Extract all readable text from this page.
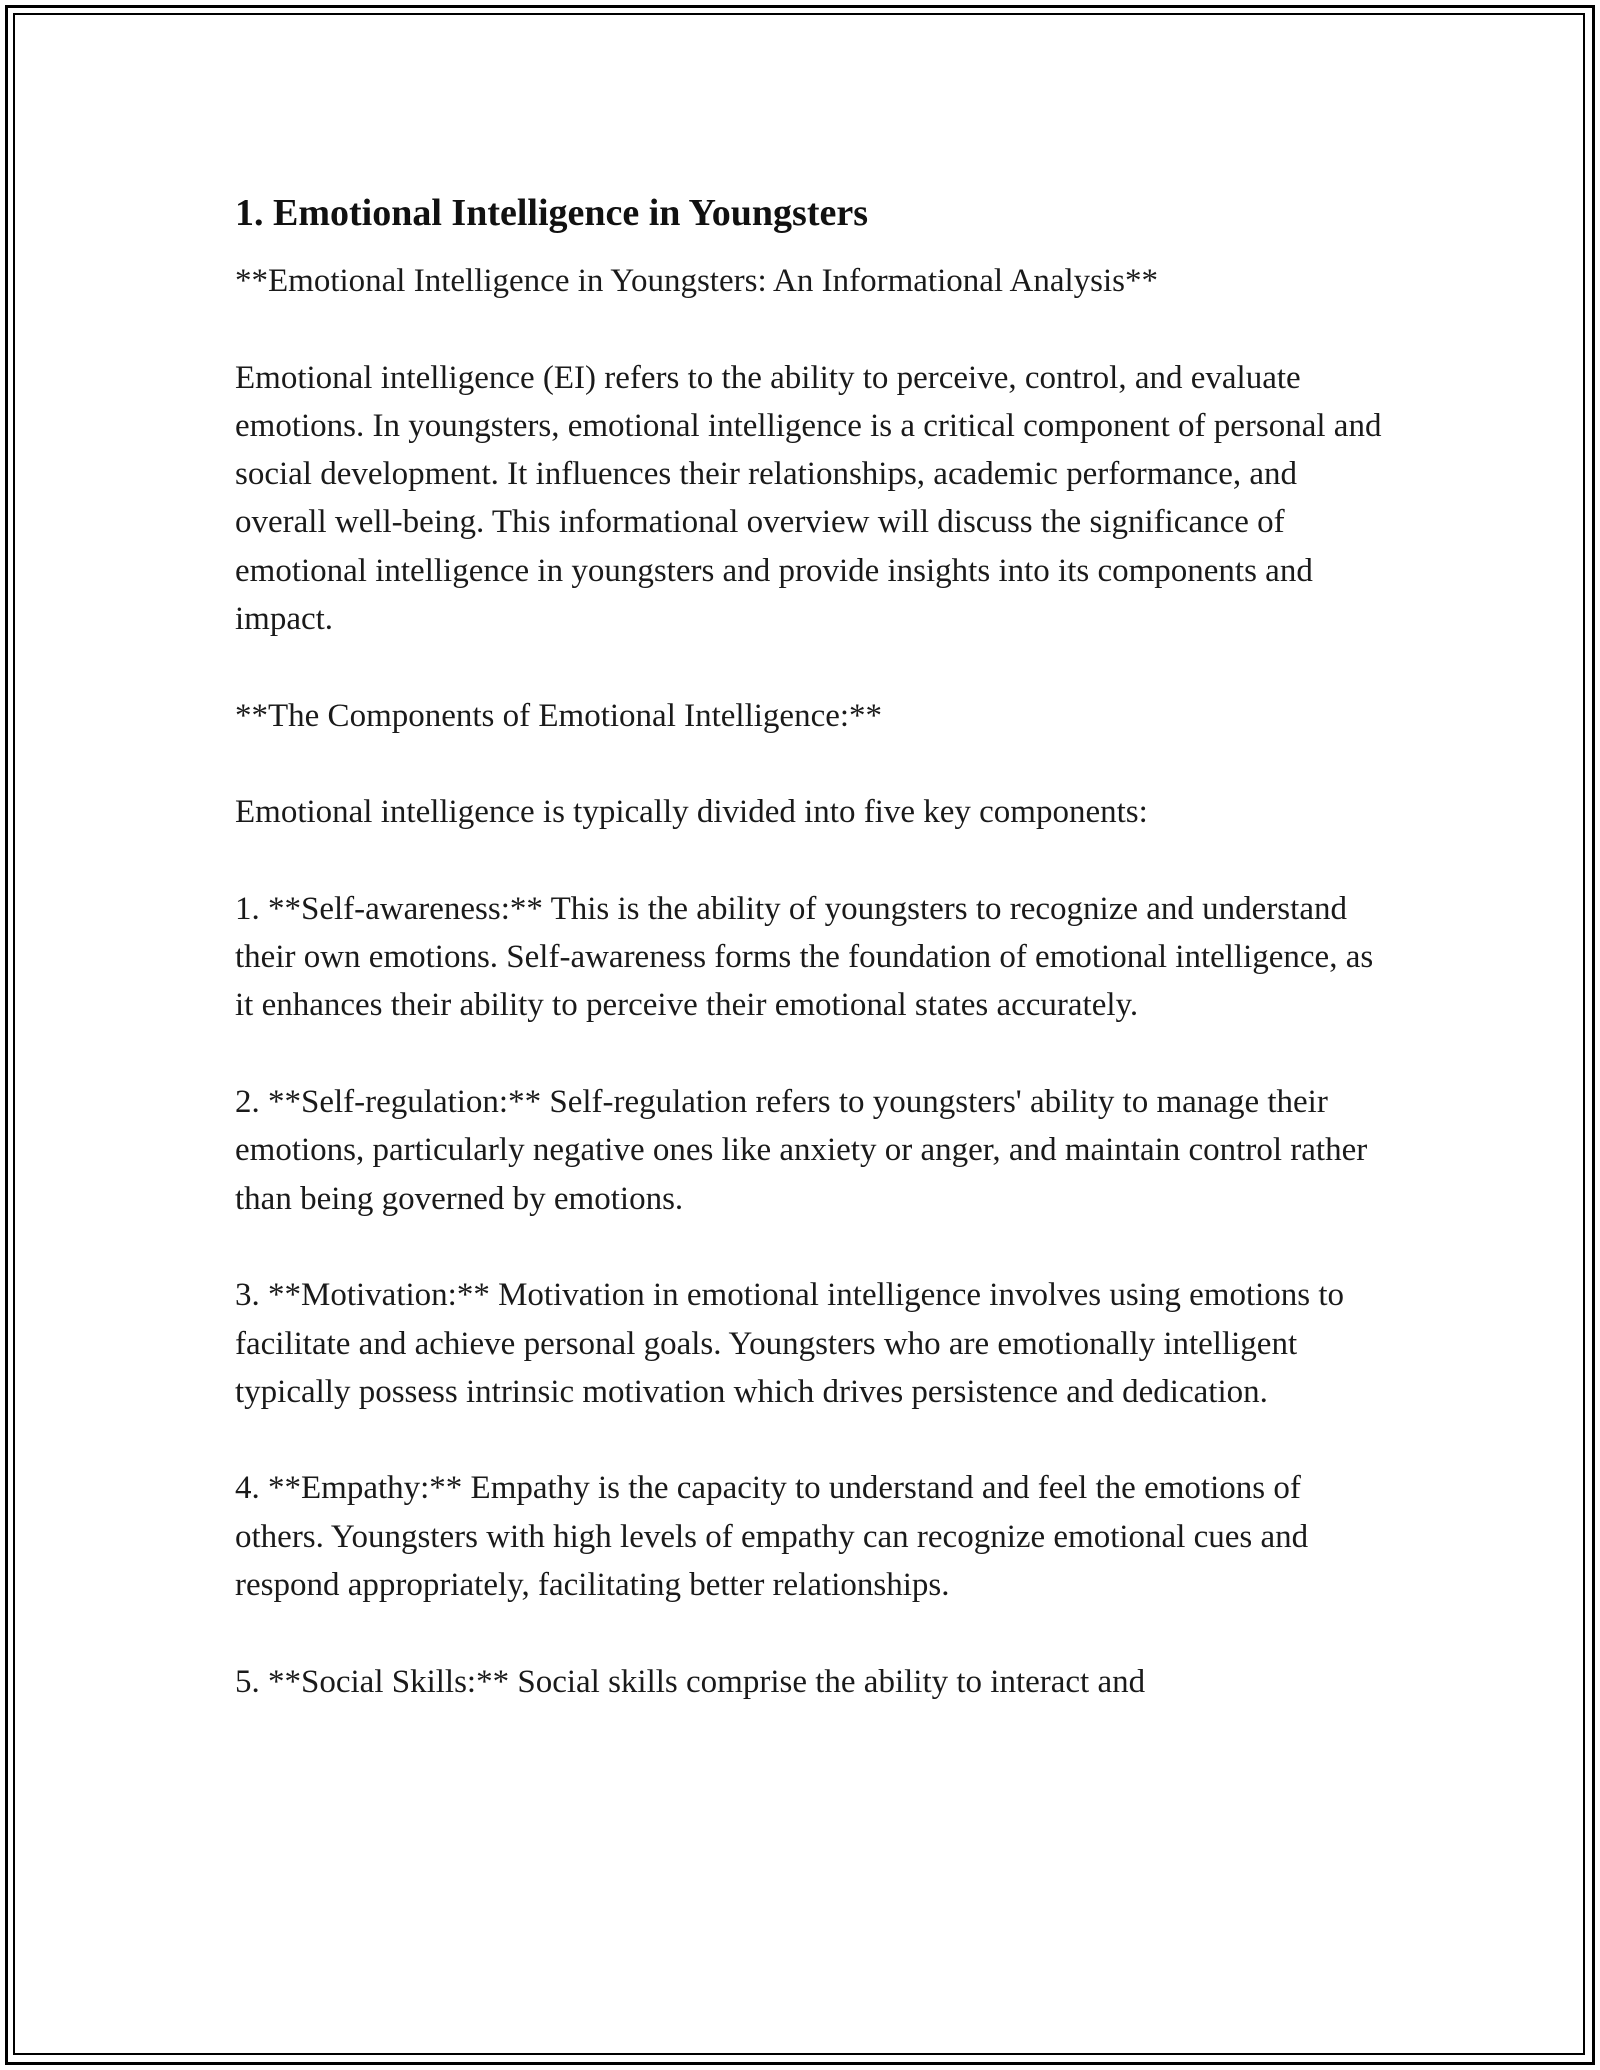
1. Emotional Intelligence in Youngsters

**Emotional Intelligence in Youngsters: An Informational Analysis**

Emotional intelligence (EI) refers to the ability to perceive, control, and evaluate emotions. In youngsters, emotional intelligence is a critical component of personal and social development. It influences their relationships, academic performance, and overall well-being. This informational overview will discuss the significance of emotional intelligence in youngsters and provide insights into its components and impact.

**The Components of Emotional Intelligence:**

Emotional intelligence is typically divided into five key components:

1. **Self-awareness:** This is the ability of youngsters to recognize and understand their own emotions. Self-awareness forms the foundation of emotional intelligence, as it enhances their ability to perceive their emotional states accurately.

2. **Self-regulation:** Self-regulation refers to youngsters' ability to manage their emotions, particularly negative ones like anxiety or anger, and maintain control rather than being governed by emotions.

3. **Motivation:** Motivation in emotional intelligence involves using emotions to facilitate and achieve personal goals. Youngsters who are emotionally intelligent typically possess intrinsic motivation which drives persistence and dedication.

4. **Empathy:** Empathy is the capacity to understand and feel the emotions of others. Youngsters with high levels of empathy can recognize emotional cues and respond appropriately, facilitating better relationships.

5. **Social Skills:** Social skills comprise the ability to interact and
